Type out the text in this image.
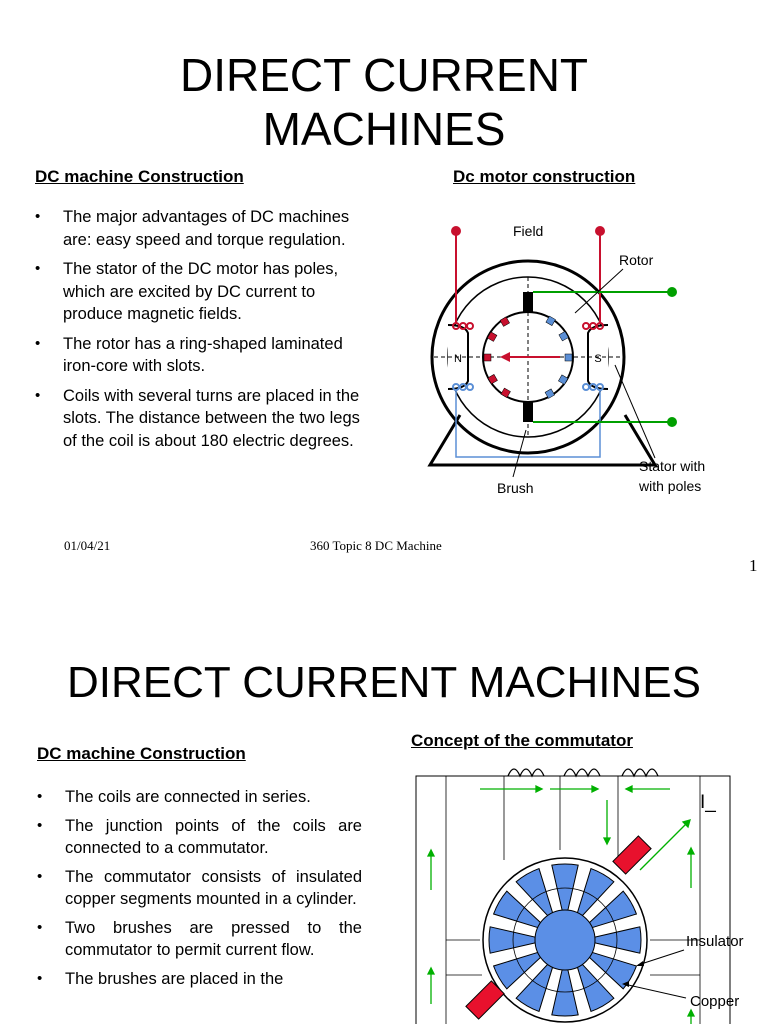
DIRECT CURRENT
MACHINES
DC machine Construction	Dc motor construction
• The major advantages of DC machines are: easy speed and torque regulation.
• The stator of the DC motor has poles, which are excited by DC current to produce magnetic fields.
• The rotor has a ring-shaped laminated iron-core with slots.
• Coils with several turns are placed in the slots. The distance between the two legs of the coil is about 180 electric degrees.
N	S
Field
Rotor
Brush
Stator with
with poles
01/04/21	360 Topic 8 DC Machine
1
DIRECT CURRENT MACHINES
DC machine Construction
Concept of the commutator
• The coils are connected in series.
• The junction points of the coils are connected to a commutator.
• The commutator consists of insulated copper segments mounted in a cylinder.
• Two brushes are pressed to the commutator to permit current flow.
• The brushes are placed in the
I_
Insulator
Copper
